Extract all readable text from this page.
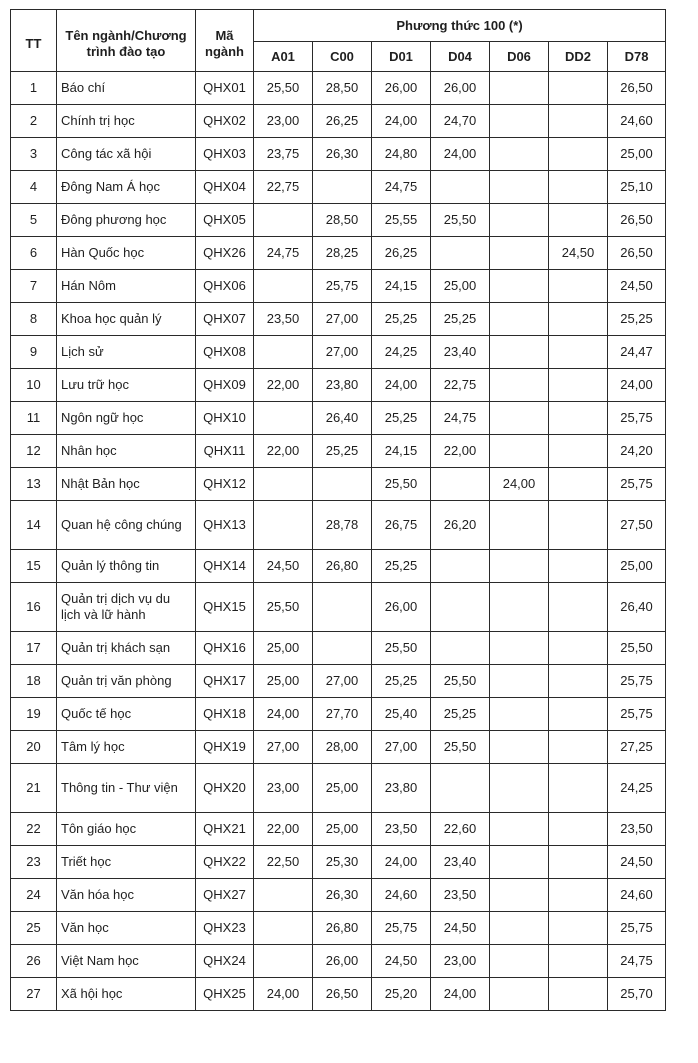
TT	Tên ngành/Chương trình đào tạo	Mã ngành	Phương thức 100 (*)						
			A01	C00	D01	D04	D06	DD2	D78
1	Báo chí	QHX01	25,50	28,50	26,00	26,00			26,50
2	Chính trị học	QHX02	23,00	26,25	24,00	24,70			24,60
3	Công tác xã hội	QHX03	23,75	26,30	24,80	24,00			25,00
4	Đông Nam Á học	QHX04	22,75		24,75				25,10
5	Đông phương học	QHX05		28,50	25,55	25,50			26,50
6	Hàn Quốc học	QHX26	24,75	28,25	26,25			24,50	26,50
7	Hán Nôm	QHX06		25,75	24,15	25,00			24,50
8	Khoa học quản lý	QHX07	23,50	27,00	25,25	25,25			25,25
9	Lịch sử	QHX08		27,00	24,25	23,40			24,47
10	Lưu trữ học	QHX09	22,00	23,80	24,00	22,75			24,00
11	Ngôn ngữ học	QHX10		26,40	25,25	24,75			25,75
12	Nhân học	QHX11	22,00	25,25	24,15	22,00			24,20
13	Nhật Bản học	QHX12			25,50		24,00		25,75
14	Quan hệ công chúng	QHX13		28,78	26,75	26,20			27,50
15	Quản lý thông tin	QHX14	24,50	26,80	25,25				25,00
16	Quản trị dịch vụ du lịch và lữ hành	QHX15	25,50		26,00				26,40
17	Quản trị khách sạn	QHX16	25,00		25,50				25,50
18	Quản trị văn phòng	QHX17	25,00	27,00	25,25	25,50			25,75
19	Quốc tế học	QHX18	24,00	27,70	25,40	25,25			25,75
20	Tâm lý học	QHX19	27,00	28,00	27,00	25,50			27,25
21	Thông tin - Thư viện	QHX20	23,00	25,00	23,80				24,25
22	Tôn giáo học	QHX21	22,00	25,00	23,50	22,60			23,50
23	Triết học	QHX22	22,50	25,30	24,00	23,40			24,50
24	Văn hóa học	QHX27		26,30	24,60	23,50			24,60
25	Văn học	QHX23		26,80	25,75	24,50			25,75
26	Việt Nam học	QHX24		26,00	24,50	23,00			24,75
27	Xã hội học	QHX25	24,00	26,50	25,20	24,00			25,70
